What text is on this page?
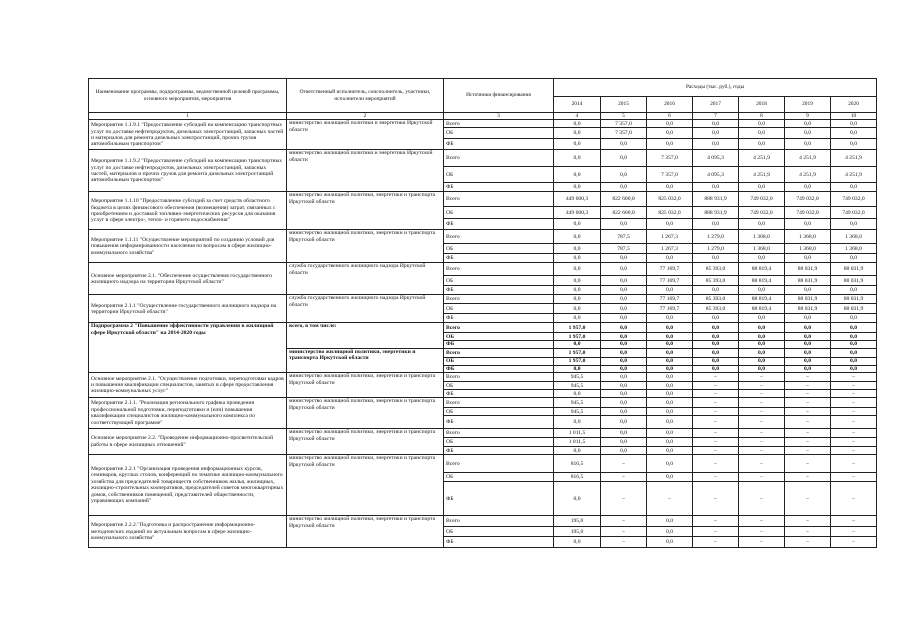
Наименование программы, подпрограммы, ведомственной целевой программы, основного мероприятия, мероприятия	Ответственный исполнитель, соисполнитель, участники, исполнители мероприятий	Источники финансирования	Расходы (тыс. руб.), годы						
			2014	2015	2016	2017	2018	2019	2020
1	2	3	4	5	6	7	8	9	10
Мероприятие 1.1.9.1 "Предоставление субсидий на компенсацию транспортных услуг по доставке нефтепродуктов, дизельных электростанций, запасных частей и материалов для ремонта дизельных электростанций, прочих грузов автомобильным транспортом"	министерство жилищной политики и энергетики Иркутской области	Всего	0,0	7 357,0	0,0	0,0	0,0	0,0	0,0
		ОБ	0,0	7 357,0	0,0	0,0	0,0	0,0	0,0
		ФБ	0,0	0,0	0,0	0,0	0,0	0,0	0,0
Мероприятие 1.1.9.2 "Предоставление субсидий на компенсацию транспортных услуг по доставке нефтепродуктов, дизельных электростанций, запасных частей, материалов и прочих грузов для ремонта дизельных электростанций автомобильным транспортом"	министерство жилищной политики и энергетики Иркутской области	Всего	0,0	0,0	7 357,0	4 095,3	4 251,9	4 251,9	4 251,9
		ОБ	0,0	0,0	7 357,0	4 095,3	4 251,9	4 251,9	4 251,9
		ФБ	0,0	0,0	0,0	0,0	0,0	0,0	0,0
Мероприятие 1.1.10 "Предоставление субсидий за счет средств областного бюджета в целях финансового обеспечения (возмещения) затрат, связанных с приобретением и доставкой топливно-энергетических ресурсов для оказания услуг в сфере электро-, тепло- и горячего водоснабжения"	министерство жилищной политики, энергетики и транспорта Иркутской области	Всего	449 600,3	822 600,0	825 032,0	888 931,9	749 032,0	749 032,0	749 032,0
		ОБ	449 600,3	822 600,0	825 032,0	888 931,9	749 032,0	749 032,0	749 032,0
		ФБ	0,0	0,0	0,0	0,0	0,0	0,0	0,0
Мероприятие 1.1.11 "Осуществление мероприятий по созданию условий для повышения информированности населения по вопросам в сфере жилищно-коммунального хозяйства"	министерство жилищной политики, энергетики и транспорта Иркутской области	Всего	0,0	787,5	1 267,3	1 279,0	1 368,0	1 368,0	1 368,0
		ОБ	0,0	787,5	1 267,3	1 279,0	1 368,0	1 368,0	1 368,0
		ФБ	0,0	0,0	0,0	0,0	0,0	0,0	0,0
Основное мероприятие 2.1. "Обеспечение осуществления государственного жилищного надзора на территории Иркутской области"	служба государственного жилищного надзора Иркутской области	Всего	0,0	0,0	77 169,7	85 393,0	88 819,4	88 031,9	88 031,9
		ОБ	0,0	0,0	77 169,7	85 393,0	88 819,4	88 031,9	88 031,9
		ФБ	0,0	0,0	0,0	0,0	0,0	0,0	0,0
Мероприятие 2.1.1 "Осуществление государственного жилищного надзора на территории Иркутской области"	служба государственного жилищного надзора Иркутской области	Всего	0,0	0,0	77 169,7	85 393,0	88 819,4	88 031,9	88 031,9
		ОБ	0,0	0,0	77 169,7	85 393,0	88 819,4	88 031,9	88 031,9
		ФБ	0,0	0,0	0,0	0,0	0,0	0,0	0,0
Подпрограмма 2 "Повышение эффективности управления в жилищной сфере Иркутской области" на 2014-2020 годы	всего, в том числе:	Всего	1 957,0	0,0	0,0	0,0	0,0	0,0	0,0
		ОБ	1 957,0	0,0	0,0	0,0	0,0	0,0	0,0
		ФБ	0,0	0,0	0,0	0,0	0,0	0,0	0,0
	министерство жилищной политики, энергетики и транспорта Иркутской области	Всего	1 957,0	0,0	0,0	0,0	0,0	0,0	0,0
		ОБ	1 957,0	0,0	0,0	0,0	0,0	0,0	0,0
		ФБ	0,0	0,0	0,0	0,0	0,0	0,0	0,0
Основное мероприятие 2.1. "Осуществление подготовки, переподготовки кадров и повышения квалификации специалистов, занятых в сфере предоставления жилищно-коммунальных услуг"	министерство жилищной политики, энергетики и транспорта Иркутской области	Всего	945,5	0,0	0,0	–	–	–	–
		ОБ	945,5	0,0	0,0	–	–	–	–
		ФБ	0,0	0,0	0,0	–	–	–	–
Мероприятие 2.1.1. "Реализация регионального графика проведения профессиональной подготовки, переподготовки и (или) повышения квалификации специалистов жилищно-коммунального комплекса по соответствующей программе"	министерство жилищной политики, энергетики и транспорта Иркутской области	Всего	945,5	0,0	0,0	–	–	–	–
		ОБ	945,5	0,0	0,0	–	–	–	–
		ФБ	0,0	0,0	0,0	–	–	–	–
Основное мероприятие 2.2. "Проведение информационно-просветительской работы в сфере жилищных отношений"	министерство жилищной политики, энергетики и транспорта Иркутской области	Всего	1 011,5	0,0	0,0	–	–	–	–
		ОБ	1 011,5	0,0	0,0	–	–	–	–
		ФБ	0,0	0,0	0,0	–	–	–	–
Мероприятие 2.2.1 "Организация проведения информационных курсов, семинаров, круглых столов, конференций по тематике жилищно-коммунального хозяйства для председателей товариществ собственников жилья, жилищных, жилищно-строительных кооперативов, председателей советов многоквартирных домов, собственников помещений, представителей общественности, управляющих компаний"	министерство жилищной политики, энергетики и транспорта Иркутской области	Всего	816,5	–	0,0	–	–	–	–
		ОБ	816,5	–	0,0	–	–	–	–
		ФБ	0,0	–	–	–	–	–	–
Мероприятие 2.2.2."Подготовка и распространение информационно-методических изданий по актуальным вопросам в сфере жилищно-коммунального хозяйства"	министерство жилищной политики, энергетики и транспорта Иркутской области	Всего	195,0	–	0,0	–	–	–	–
		ОБ	195,0	–	0,0	–	–	–	–
		ФБ	0,0	–	0,0	–	–	–	–
